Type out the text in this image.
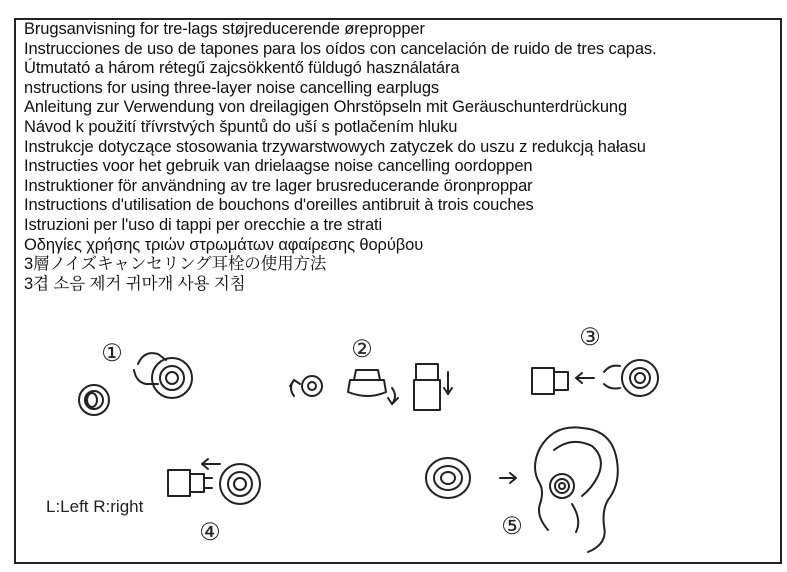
Brugsanvisning for tre-lags støjreducerende ørepropper
Instrucciones de uso de tapones para los oídos con cancelación de ruido de tres capas.
Útmutató a három rétegű zajcsökkentő füldugó használatára
nstructions for using three-layer noise cancelling earplugs
Anleitung zur Verwendung von dreilagigen Ohrstöpseln mit Geräuschunterdrückung
Návod k použití třívrstvých špuntů do uší s potlačením hluku
Instrukcje dotyczące stosowania trzywarstwowych zatyczek do uszu z redukcją hałasu
Instructies voor het gebruik van drielaagse noise cancelling oordoppen
Instruktioner för användning av tre lager brusreducerande öronproppar
Instructions d'utilisation de bouchons d'oreilles antibruit à trois couches
Istruzioni per l'uso di tappi per orecchie a tre strati
Οδηγίες χρήσης τριών στρωμάτων αφαίρεσης θορύβου
3層ノイズキャンセリング耳栓の使用方法
3겹 소음 제거 귀마개 사용 지침
①	②	③
L:Left R:right
④	⑤
